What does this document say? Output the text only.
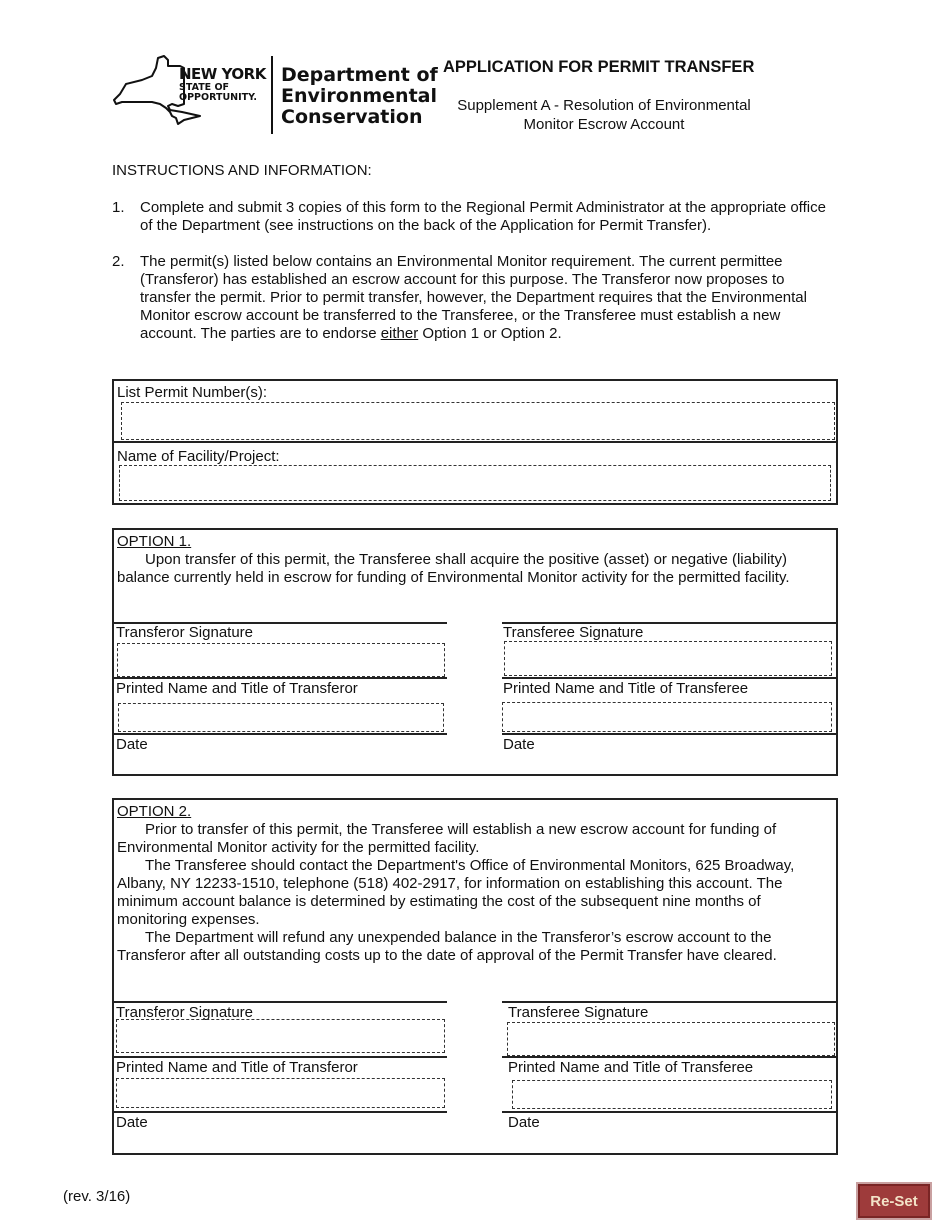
NEW YORK
STATE OF
OPPORTUNITY.
Department of
Environmental
Conservation
APPLICATION FOR PERMIT TRANSFER
Supplement A - Resolution of Environmental
Monitor Escrow Account
INSTRUCTIONS AND INFORMATION:
1. Complete and submit 3 copies of this form to the Regional Permit Administrator at the appropriate office of the Department (see instructions on the back of the Application for Permit Transfer).

2. The permit(s) listed below contains an Environmental Monitor requirement. The current permittee (Transferor) has established an escrow account for this purpose. The Transferor now proposes to transfer the permit. Prior to permit transfer, however, the Department requires that the Environmental Monitor escrow account be transferred to the Transferee, or the Transferee must establish a new account. The parties are to endorse either Option 1 or Option 2.

List Permit Number(s):
Name of Facility/Project:
OPTION 1.
Upon transfer of this permit, the Transferee shall acquire the positive (asset) or negative (liability) balance currently held in escrow for funding of Environmental Monitor activity for the permitted facility.
Transferor Signature	Transferee Signature
Printed Name and Title of Transferor	Printed Name and Title of Transferee
Date	Date
OPTION 2.

Prior to transfer of this permit, the Transferee will establish a new escrow account for funding of Environmental Monitor activity for the permitted facility.

The Transferee should contact the Department's Office of Environmental Monitors, 625 Broadway, Albany, NY 12233-1510, telephone (518) 402-2917, for information on establishing this account. The minimum account balance is determined by estimating the cost of the subsequent nine months of monitoring expenses.

The Department will refund any unexpended balance in the Transferor’s escrow account to the Transferor after all outstanding costs up to the date of approval of the Permit Transfer have cleared.

Transferor Signature	Transferee Signature
Printed Name and Title of Transferor	Printed Name and Title of Transferee
Date	Date
(rev. 3/16)	Re-Set
